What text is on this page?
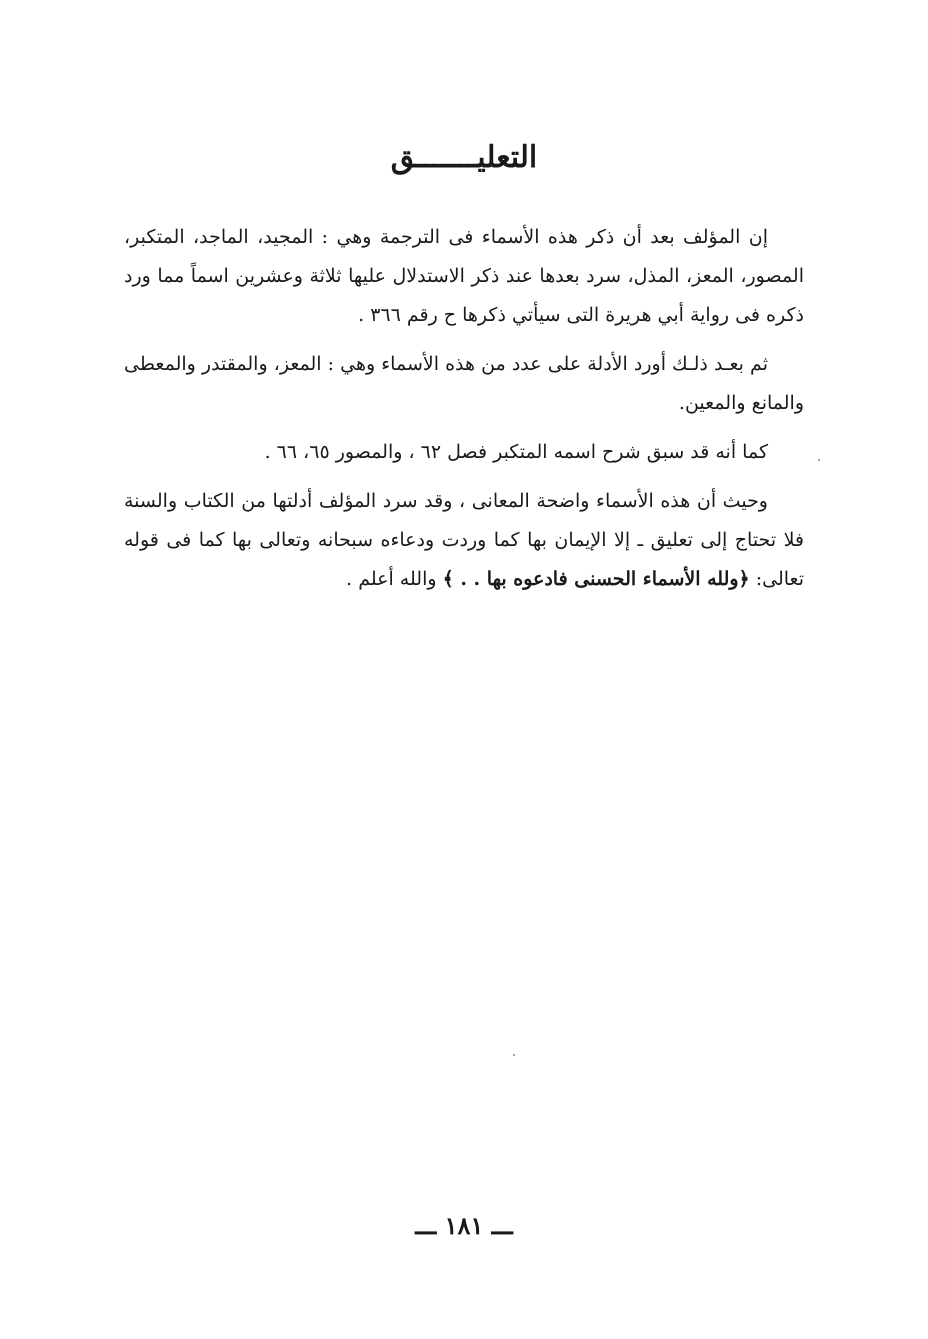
التعليـــــــق

إن المؤلف بعد أن ذكر هذه الأسماء فى الترجمة وهي : المجيد، الماجد، المتكبر، المصور، المعز، المذل، سرد بعدها عند ذكر الاستدلال عليها ثلاثة وعشرين اسماً مما ورد ذكره فى رواية أبي هريرة التى سيأتي ذكرها ح رقم ٣٦٦ .

ثم بعـد ذلـك أورد الأدلة على عدد من هذه الأسماء وهي : المعز، والمقتدر والمعطى والمانع والمعين.

كما أنه قد سبق شرح اسمه المتكبر فصل ٦٢ ، والمصور ٦٥، ٦٦ .

وحيث أن هذه الأسماء واضحة المعانى ، وقد سرد المؤلف أدلتها من الكتاب والسنة فلا تحتاج إلى تعليق ـ إلا الإيمان بها كما وردت ودعاءه سبحانه وتعالى بها كما فى قوله تعالى: ﴿ولله الأسماء الحسنى فادعوه بها . . ﴾ والله أعلم .

ـــ ١٨١ ـــ
